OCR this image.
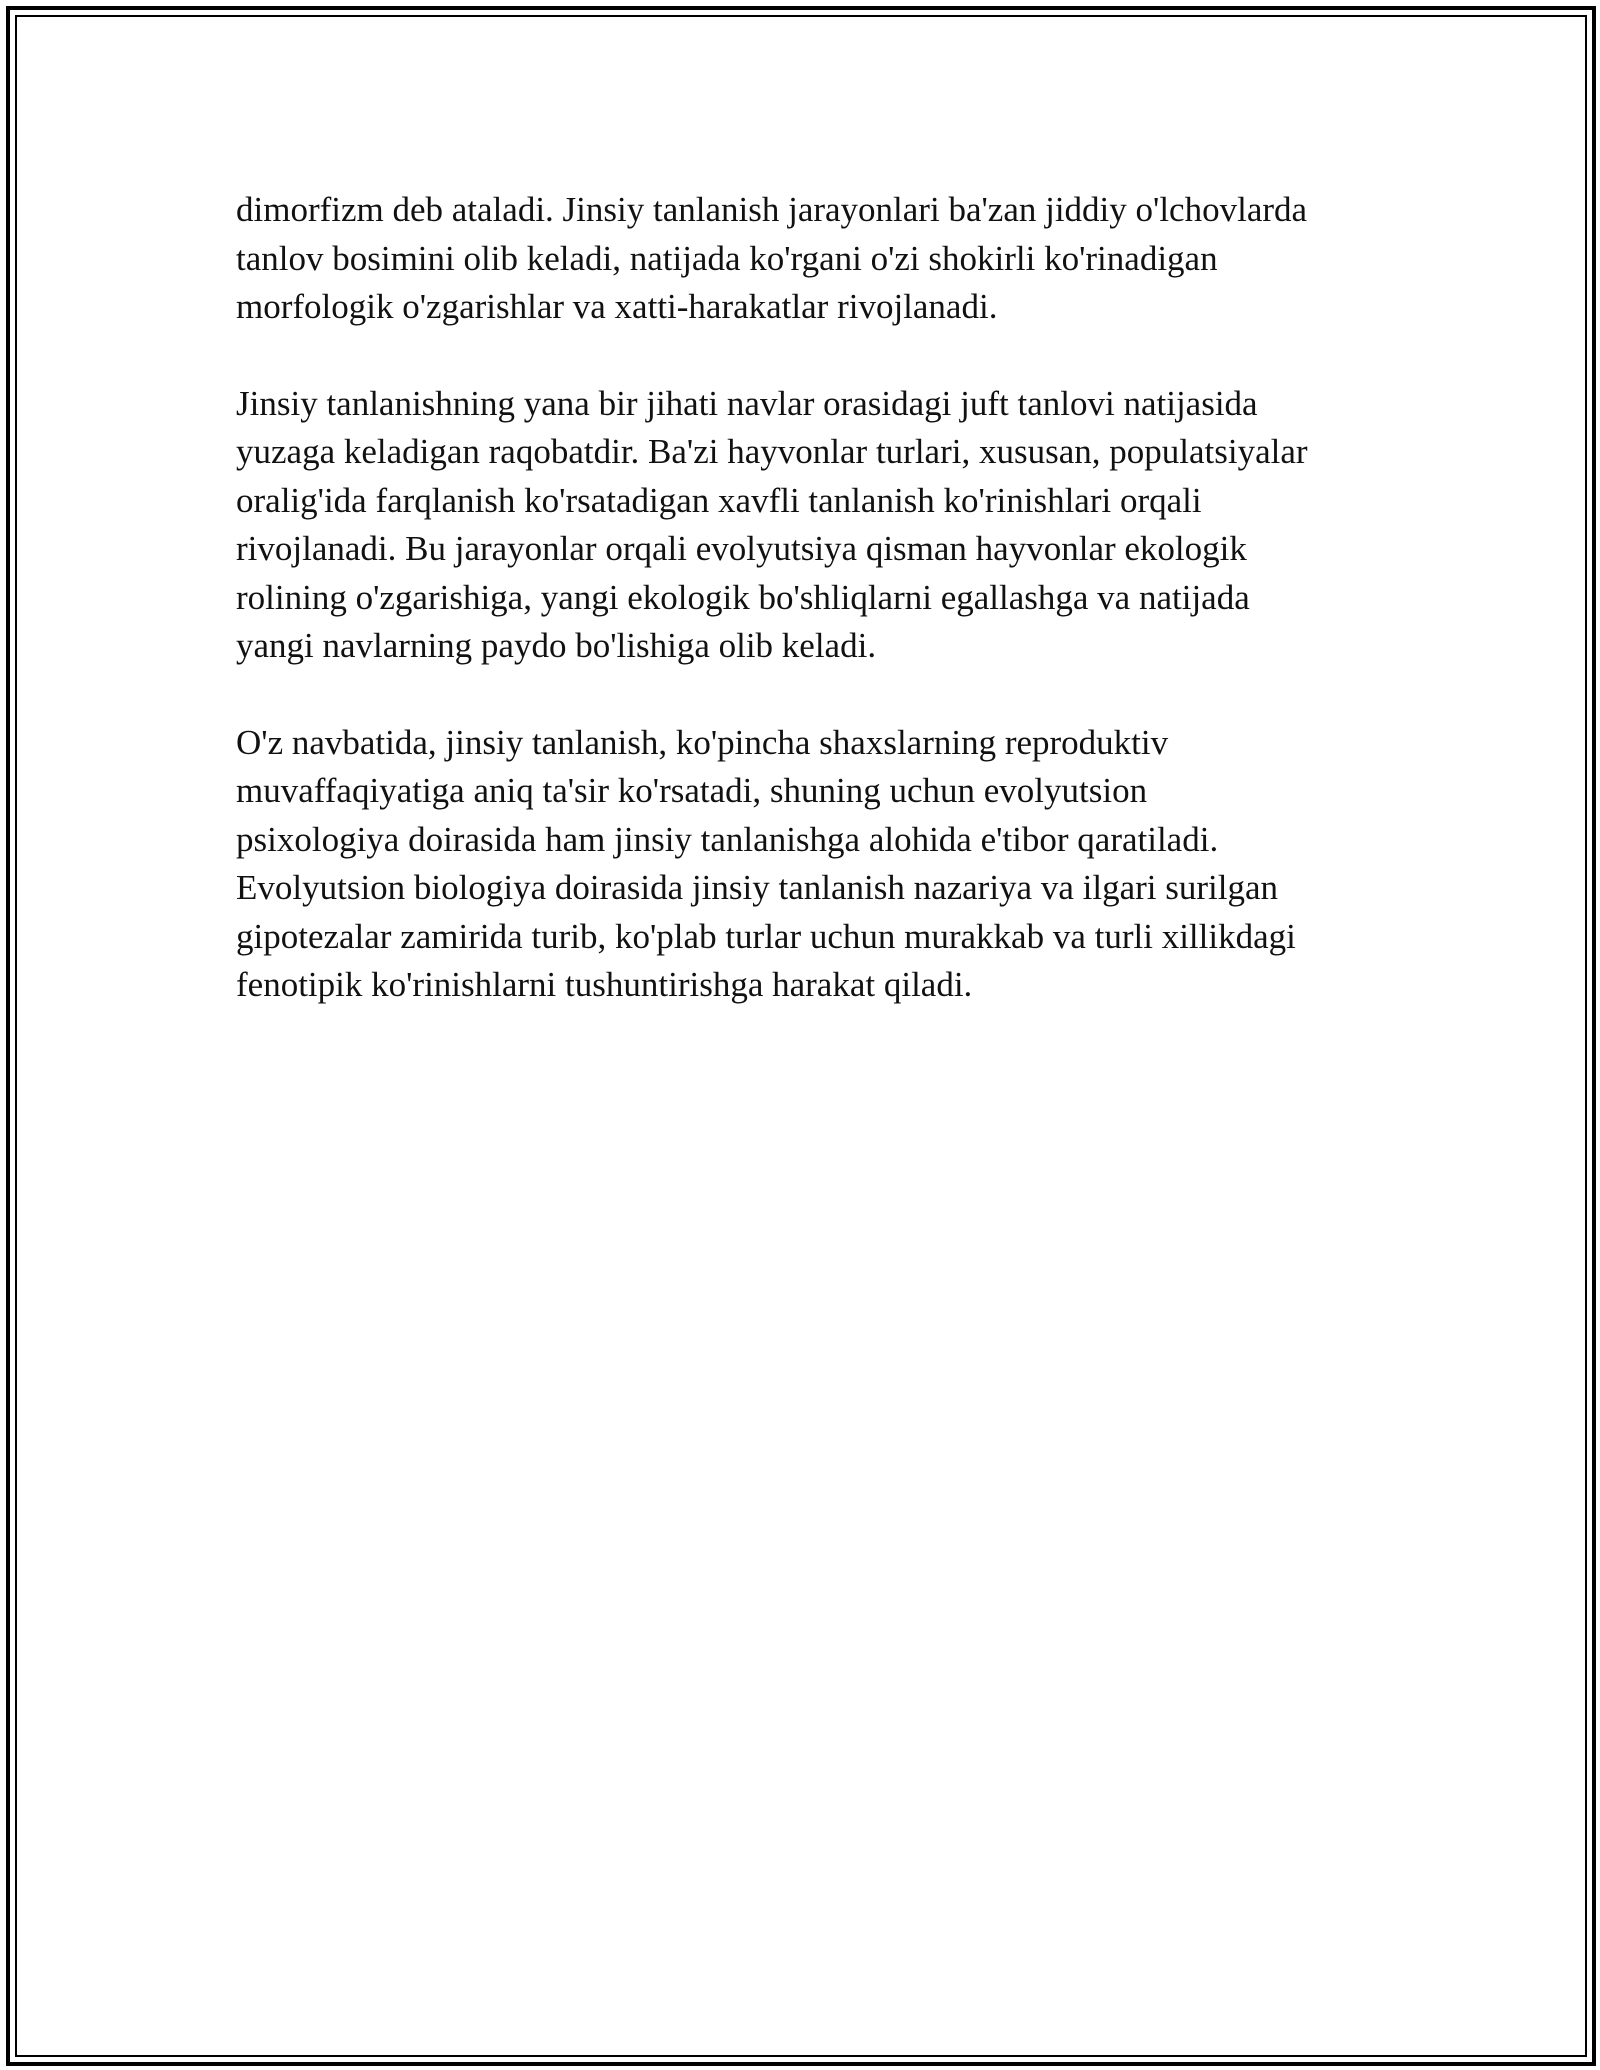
dimorfizm deb ataladi. Jinsiy tanlanish jarayonlari ba'zan jiddiy o'lchovlarda
tanlov bosimini olib keladi, natijada ko'rgani o'zi shokirli ko'rinadigan
morfologik o'zgarishlar va xatti-harakatlar rivojlanadi.

Jinsiy tanlanishning yana bir jihati navlar orasidagi juft tanlovi natijasida
yuzaga keladigan raqobatdir. Ba'zi hayvonlar turlari, xususan, populatsiyalar
oralig'ida farqlanish ko'rsatadigan xavfli tanlanish ko'rinishlari orqali
rivojlanadi. Bu jarayonlar orqali evolyutsiya qisman hayvonlar ekologik
rolining o'zgarishiga, yangi ekologik bo'shliqlarni egallashga va natijada
yangi navlarning paydo bo'lishiga olib keladi.

O'z navbatida, jinsiy tanlanish, ko'pincha shaxslarning reproduktiv
muvaffaqiyatiga aniq ta'sir ko'rsatadi, shuning uchun evolyutsion
psixologiya doirasida ham jinsiy tanlanishga alohida e'tibor qaratiladi.
Evolyutsion biologiya doirasida jinsiy tanlanish nazariya va ilgari surilgan
gipotezalar zamirida turib, ko'plab turlar uchun murakkab va turli xillikdagi
fenotipik ko'rinishlarni tushuntirishga harakat qiladi.
